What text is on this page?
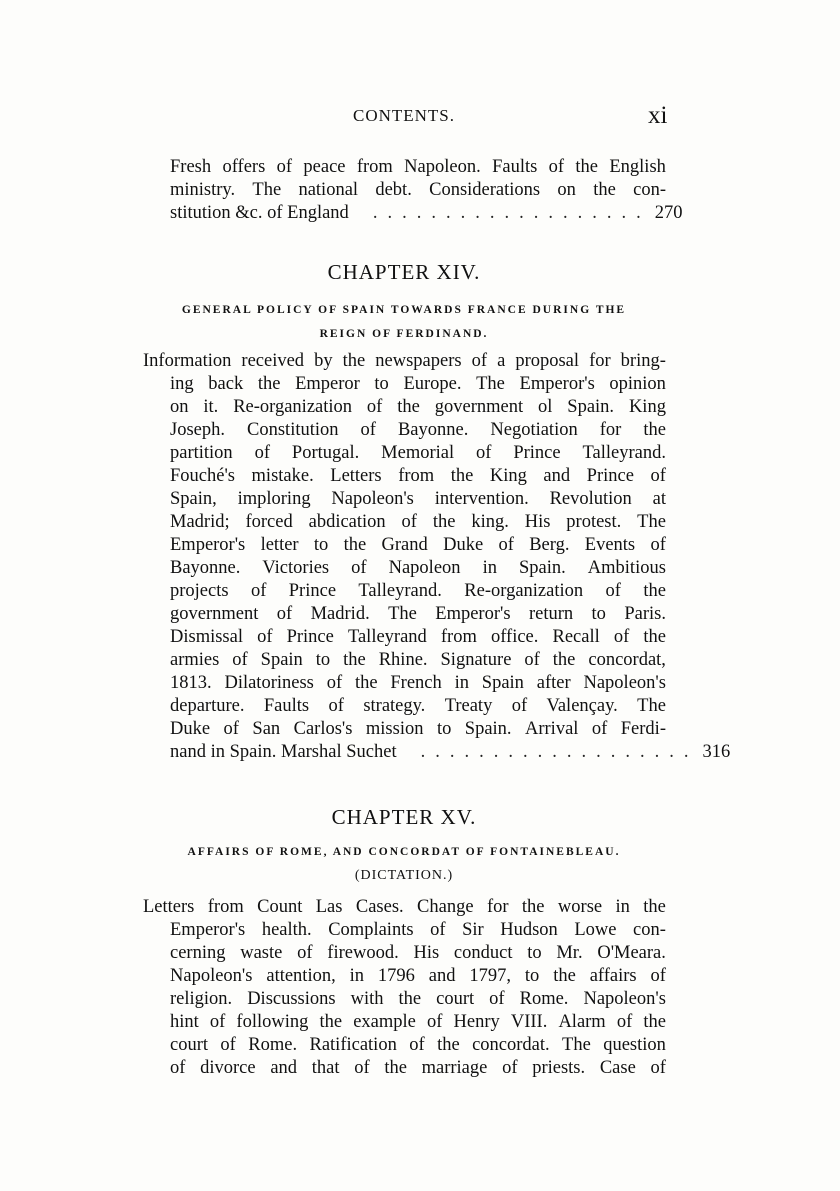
CONTENTS.	xi
Fresh offers of peace from Napoleon. Faults of the English
ministry. The national debt. Considerations on the con-
stitution &c. of England	................... 270
CHAPTER XIV.
GENERAL POLICY OF SPAIN TOWARDS FRANCE DURING THE
REIGN OF FERDINAND.
Information received by the newspapers of a proposal for bring-
ing back the Emperor to Europe. The Emperor's opinion
on it. Re-organization of the government ol Spain. King
Joseph. Constitution of Bayonne. Negotiation for the
partition of Portugal. Memorial of Prince Talleyrand.
Fouché's mistake. Letters from the King and Prince of
Spain, imploring Napoleon's intervention. Revolution at
Madrid; forced abdication of the king. His protest. The
Emperor's letter to the Grand Duke of Berg. Events of
Bayonne. Victories of Napoleon in Spain. Ambitious
projects of Prince Talleyrand. Re-organization of the
government of Madrid. The Emperor's return to Paris.
Dismissal of Prince Talleyrand from office. Recall of the
armies of Spain to the Rhine. Signature of the concordat,
1813. Dilatoriness of the French in Spain after Napoleon's
departure. Faults of strategy. Treaty of Valençay. The
Duke of San Carlos's mission to Spain. Arrival of Ferdi-
nand in Spain. Marshal Suchet	................... 316
CHAPTER XV.
AFFAIRS OF ROME, AND CONCORDAT OF FONTAINEBLEAU.
(DICTATION.)
Letters from Count Las Cases. Change for the worse in the
Emperor's health. Complaints of Sir Hudson Lowe con-
cerning waste of firewood. His conduct to Mr. O'Meara.
Napoleon's attention, in 1796 and 1797, to the affairs of
religion. Discussions with the court of Rome. Napoleon's
hint of following the example of Henry VIII. Alarm of the
court of Rome. Ratification of the concordat. The question
of divorce and that of the marriage of priests. Case of
